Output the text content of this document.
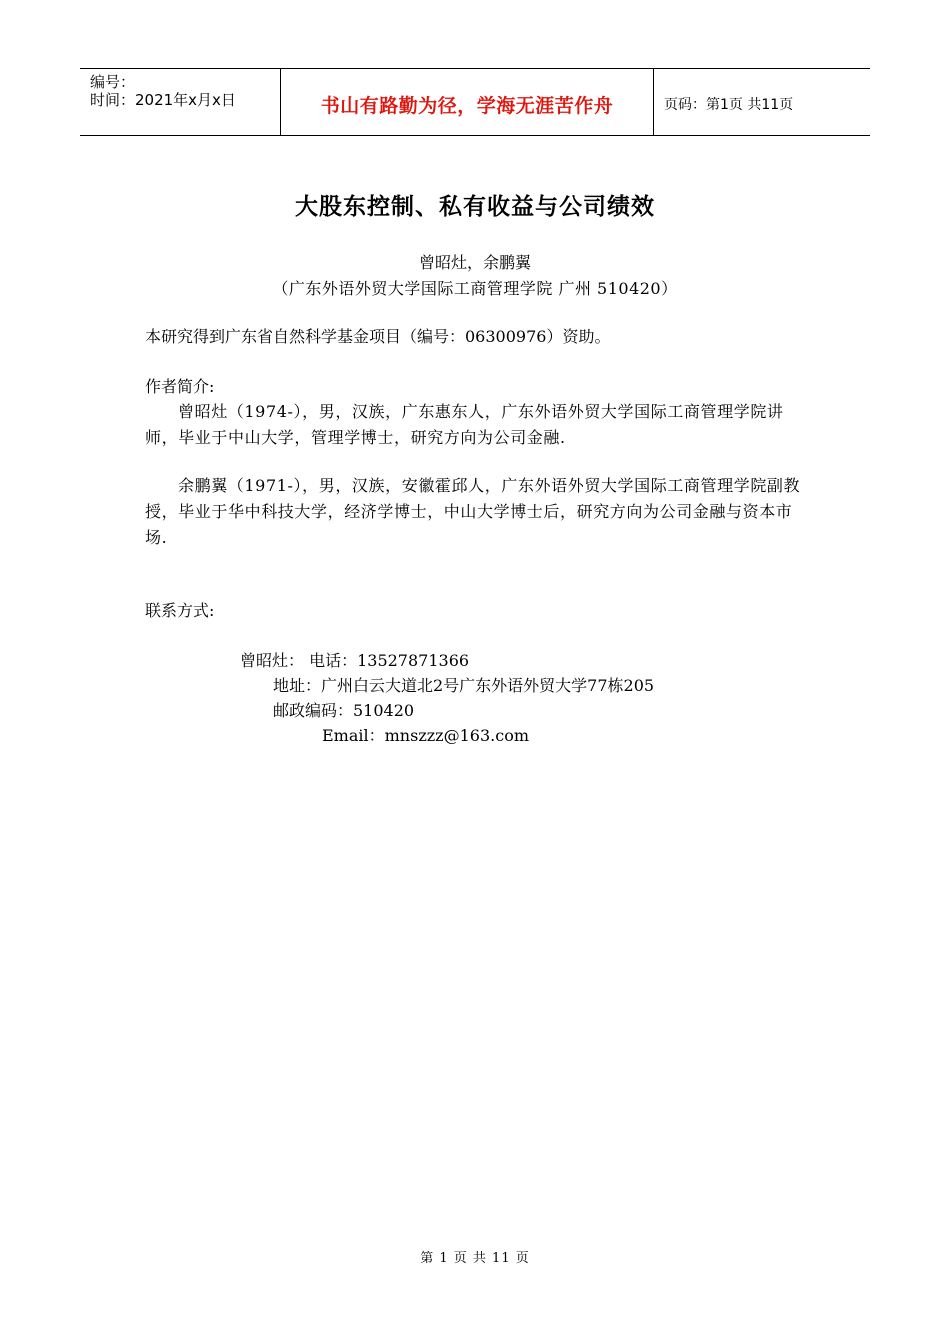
编号：
时间：2021年x月x日	书山有路勤为径，学海无涯苦作舟	页码：第1页 共11页
大股东控制、私有收益与公司绩效
曾昭灶，余鹏翼
（广东外语外贸大学国际工商管理学院 广州 510420）
本研究得到广东省自然科学基金项目（编号：06300976）资助。
作者简介:
曾昭灶（1974-），男，汉族，广东惠东人，广东外语外贸大学国际工商管理学院讲师，毕业于中山大学，管理学博士，研究方向为公司金融.
余鹏翼（1971-），男，汉族，安徽霍邱人，广东外语外贸大学国际工商管理学院副教授，毕业于华中科技大学，经济学博士，中山大学博士后，研究方向为公司金融与资本市场.
联系方式:
曾昭灶： 电话：13527871366
地址：广州白云大道北2号广东外语外贸大学77栋205
邮政编码：510420
Email：mnszzz@163.com
第 1 页 共 11 页
